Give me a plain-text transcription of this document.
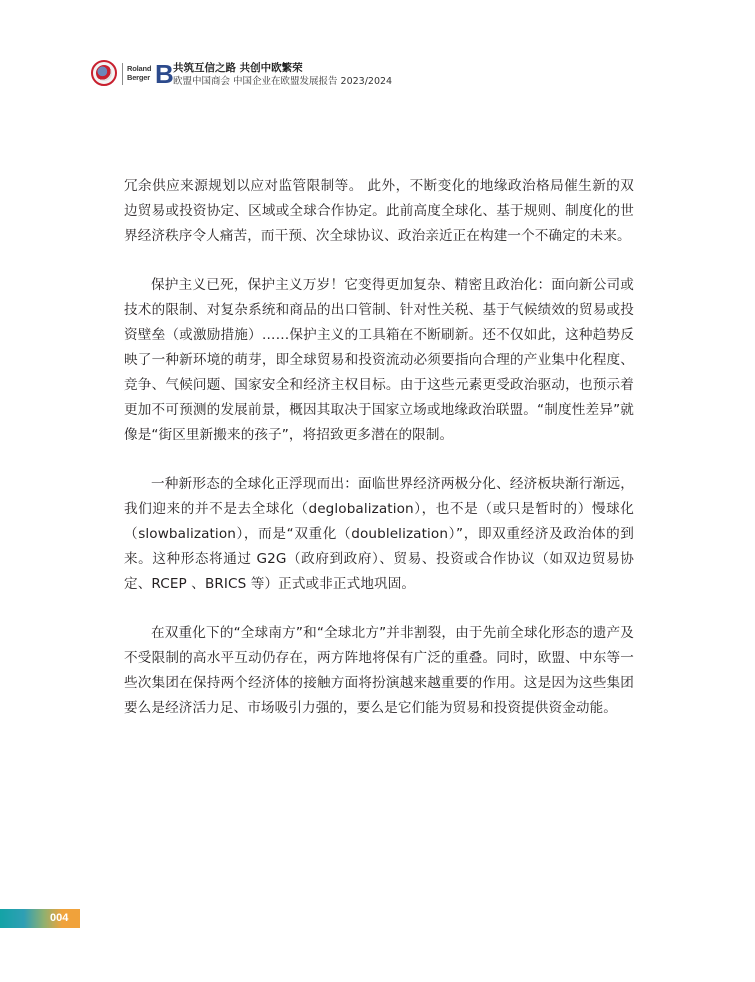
Roland
Berger B 共筑互信之路 共创中欧繁荣
欧盟中国商会 中国企业在欧盟发展报告 2023/2024

冗余供应来源规划以应对监管限制等。 此外，不断变化的地缘政治格局催生新的双边贸易或投资协定、区域或全球合作协定。此前高度全球化、基于规则、制度化的世界经济秩序令人痛苦，而干预、次全球协议、政治亲近正在构建一个不确定的未来。

保护主义已死，保护主义万岁！它变得更加复杂、精密且政治化：面向新公司或技术的限制、对复杂系统和商品的出口管制、针对性关税、基于气候绩效的贸易或投资壁垒（或激励措施）……保护主义的工具箱在不断刷新。还不仅如此，这种趋势反映了一种新环境的萌芽，即全球贸易和投资流动必须要指向合理的产业集中化程度、竞争、气候问题、国家安全和经济主权目标。由于这些元素更受政治驱动，也预示着更加不可预测的发展前景，概因其取决于国家立场或地缘政治联盟。“制度性差异”就像是“街区里新搬来的孩子”，将招致更多潜在的限制。

一种新形态的全球化正浮现而出：面临世界经济两极分化、经济板块渐行渐远，我们迎来的并不是去全球化（deglobalization），也不是（或只是暂时的）慢球化（slowbalization），而是“双重化（doublelization）”，即双重经济及政治体的到来。这种形态将通过 G2G（政府到政府）、贸易、投资或合作协议（如双边贸易协定、RCEP 、BRICS 等）正式或非正式地巩固。

在双重化下的“全球南方”和“全球北方”并非割裂，由于先前全球化形态的遗产及不受限制的高水平互动仍存在，两方阵地将保有广泛的重叠。同时，欧盟、中东等一些次集团在保持两个经济体的接触方面将扮演越来越重要的作用。这是因为这些集团要么是经济活力足、市场吸引力强的，要么是它们能为贸易和投资提供资金动能。

004
